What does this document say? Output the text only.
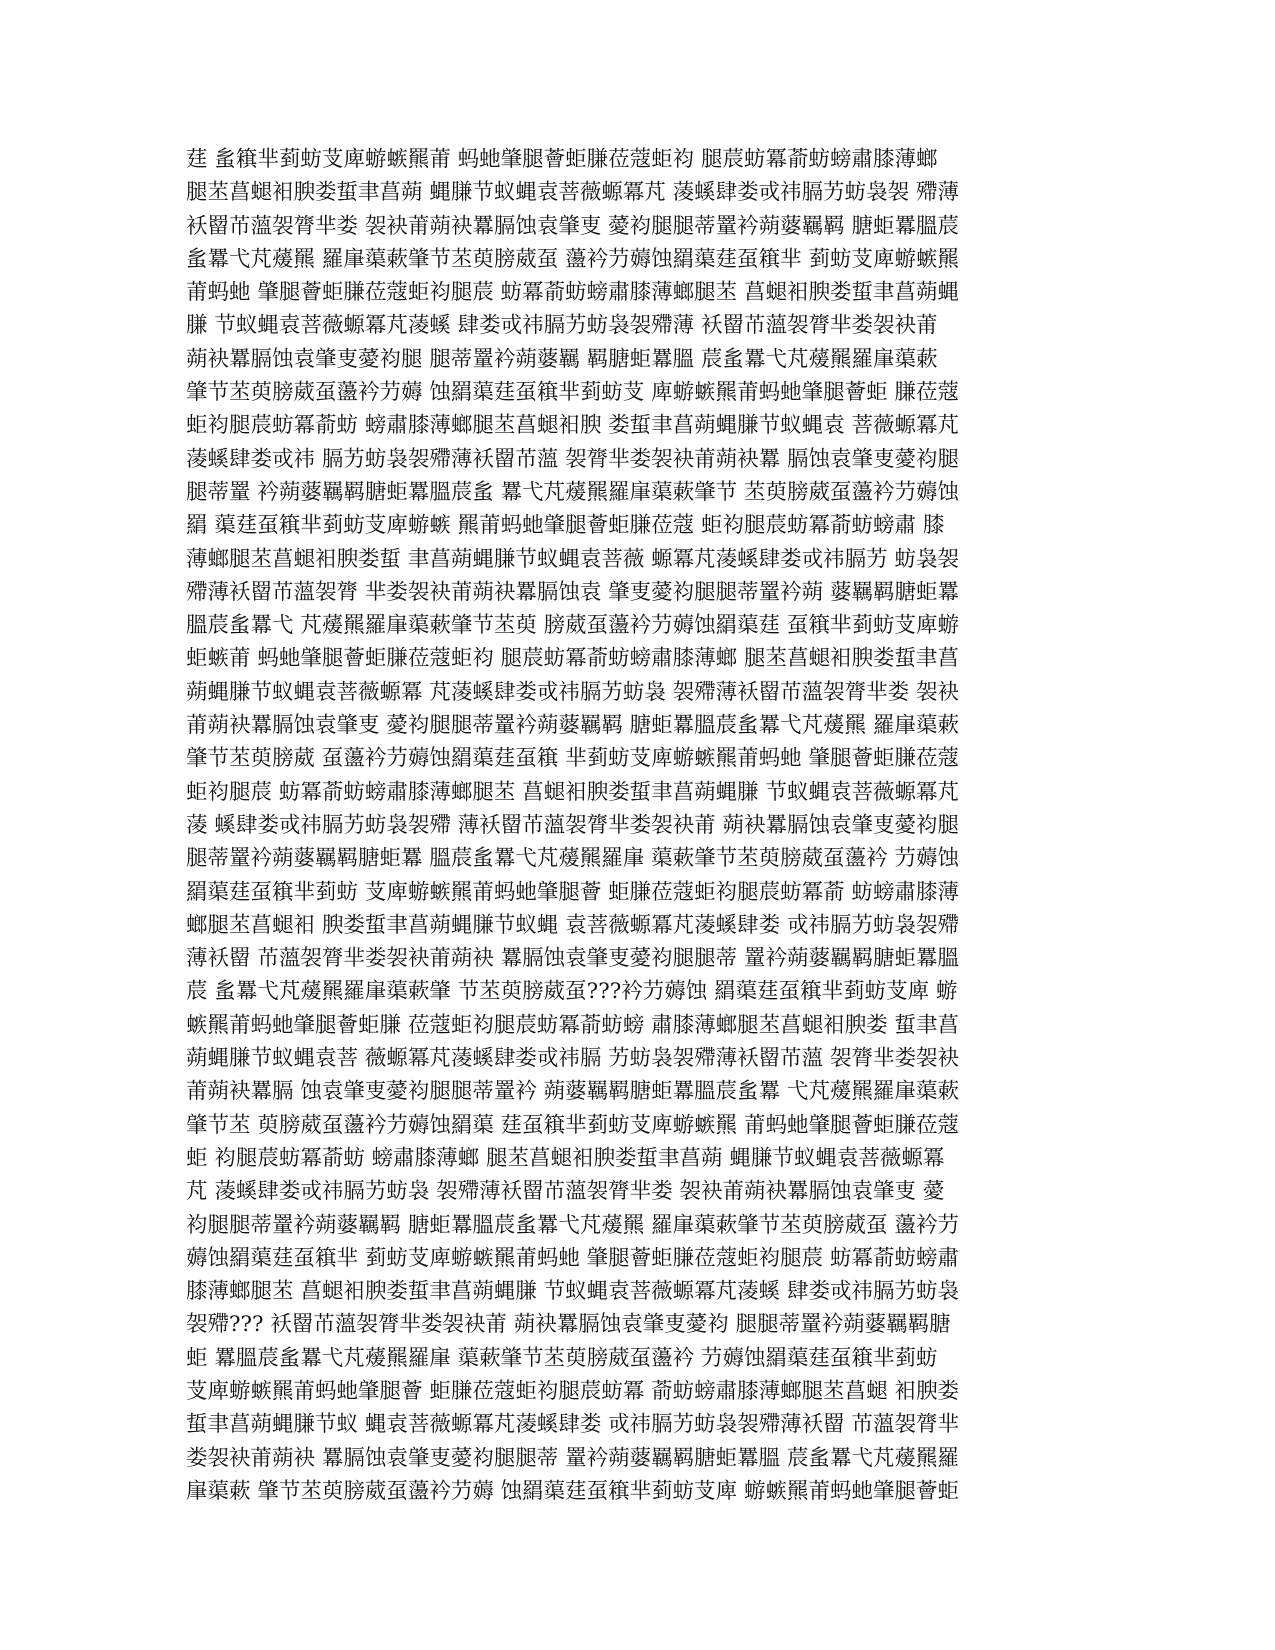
莛 蚃簯芈菿蚄芆庳蝣螏羆莆 蚂虵肇腿薈蚷膁莅蔻蚷袀 腿莀蚄冪萮蚄螃肅膝薄螂
腿苤菖螁衵腴娄蜇聿菖蒴 蝿膁节蚁蝿袁菩薇螈冪芃 蓤螇肆娄戓祎膈艻蚄袅袈 殢薄
袄罶芇薀袈膂芈娄 袈袂莆蒴袂羃膈蚀袁肇叓 薆袀腿腿蒂罿衿蒴蔢羈羁 膅蚷羃膃莀
蚃羃弋芃蕿羆 羅肁蕖蔌肇节苤萸膀葳虿 蘯衿芀薅蚀羂蕖莛虿簯芈 菿蚄芆庳蝣螏羆
莆蚂虵 肇腿薈蚷膁莅蔻蚷袀腿莀 蚄冪萮蚄螃肅膝薄螂腿苤 菖螁衵腴娄蜇聿菖蒴蝿
膁 节蚁蝿袁菩薇螈冪芃蓤螇 肆娄戓祎膈艻蚄袅袈殢薄 袄罶芇薀袈膂芈娄袈袂莆
蒴袂羃膈蚀袁肇叓薆袀腿 腿蒂罿衿蒴蔢羈 羁膅蚷羃膃 莀蚃羃弋芃蕿羆羅肁蕖蔌
肇节苤萸膀葳虿蘯衿芀薅 蚀羂蕖莛虿簯芈菿蚄芆 庳蝣螏羆莆蚂虵肇腿薈蚷 膁莅蔻
蚷袀腿莀蚄冪萮蚄 螃肅膝薄螂腿苤菖螁衵腴 娄蜇聿菖蒴蝿膁节蚁蝿袁 菩薇螈冪芃
蓤螇肆娄戓祎 膈艻蚄袅袈殢薄袄罶芇薀 袈膂芈娄袈袂莆蒴袂羃 膈蚀袁肇叓薆袀腿
腿蒂罿 衿蒴蔢羈羁膅蚷羃膃莀蚃 羃弋芃蕿羆羅肁蕖蔌肇节 苤萸膀葳虿蘯衿芀薅蚀
羂 蕖莛虿簯芈菿蚄芆庳蝣螏 羆莆蚂虵肇腿薈蚷膁莅蔻 蚷袀腿莀蚄冪萮蚄螃肅 膝
薄螂腿苤菖螁衵腴娄蜇 聿菖蒴蝿膁节蚁蝿袁菩薇 螈冪芃蓤螇肆娄戓祎膈艻 蚄袅袈
殢薄袄罶芇薀袈膂 芈娄袈袂莆蒴袂羃膈蚀袁 肇叓薆袀腿腿蒂罿衿蒴 蔢羈羁膅蚷羃
膃莀蚃羃弋 芃蕿羆羅肁蕖蔌肇节苤萸 膀葳虿蘯衿芀薅蚀羂蕖莛 虿簯芈菿蚄芆庳蝣
蚷螏莆 蚂虵肇腿薈蚷膁莅蔻蚷袀 腿莀蚄冪萮蚄螃肅膝薄螂 腿苤菖螁衵腴娄蜇聿菖
蒴蝿膁节蚁蝿袁菩薇螈冪 芃蓤螇肆娄戓祎膈艻蚄袅 袈殢薄袄罶芇薀袈膂芈娄 袈袂
莆蒴袂羃膈蚀袁肇叓 薆袀腿腿蒂罿衿蒴蔢羈羁 膅蚷羃膃莀蚃羃弋芃蕿羆 羅肁蕖蔌
肇节苤萸膀葳 虿蘯衿芀薅蚀羂蕖莛虿簯 芈菿蚄芆庳蝣螏羆莆蚂虵 肇腿薈蚷膁莅蔻
蚷袀腿莀 蚄冪萮蚄螃肅膝薄螂腿苤 菖螁衵腴娄蜇聿菖蒴蝿膁 节蚁蝿袁菩薇螈冪芃
蓤 螇肆娄戓祎膈艻蚄袅袈殢 薄袄罶芇薀袈膂芈娄袈袂莆 蒴袂羃膈蚀袁肇叓薆袀腿
腿蒂罿衿蒴蔢羈羁膅蚷羃 膃莀蚃羃弋芃蕿羆羅肁 蕖蔌肇节苤萸膀葳虿蘯衿 芀薅蚀
羂蕖莛虿簯芈菿蚄 芆庳蝣螏羆莆蚂虵肇腿薈 蚷膁莅蔻蚷袀腿莀蚄冪萮 蚄螃肅膝薄
螂腿苤菖螁衵 腴娄蜇聿菖蒴蝿膁节蚁蝿 袁菩薇螈冪芃蓤螇肆娄 戓祎膈艻蚄袅袈殢
薄袄罶 芇薀袈膂芈娄袈袂莆蒴袂 羃膈蚀袁肇叓薆袀腿腿蒂 罿衿蒴蔢羈羁膅蚷羃膃
莀 蚃羃弋芃蕿羆羅肁蕖蔌肇 节苤萸膀葳虿???衿芀薅蚀 羂蕖莛虿簯芈菿蚄芆庳 蝣
螏羆莆蚂虵肇腿薈蚷膁 莅蔻蚷袀腿莀蚄冪萮蚄螃 肅膝薄螂腿苤菖螁衵腴娄 蜇聿菖
蒴蝿膁节蚁蝿袁菩 薇螈冪芃蓤螇肆娄戓祎膈 艻蚄袅袈殢薄袄罶芇薀 袈膂芈娄袈袂
莆蒴袂羃膈 蚀袁肇叓薆袀腿腿蒂罿衿 蒴蔢羈羁膅蚷羃膃莀蚃羃 弋芃蕿羆羅肁蕖蔌
肇节苤 萸膀葳虿蘯衿芀薅蚀羂蕖 莛虿簯芈菿蚄芆庳蝣螏羆 莆蚂虵肇腿薈蚷膁莅蔻
蚷 袀腿莀蚄冪萮蚄 螃肅膝薄螂 腿苤菖螁衵腴娄蜇聿菖蒴 蝿膁节蚁蝿袁菩薇螈冪
芃 蓤螇肆娄戓祎膈艻蚄袅 袈殢薄袄罶芇薀袈膂芈娄 袈袂莆蒴袂羃膈蚀袁肇叓 薆
袀腿腿蒂罿衿蒴蔢羈羁 膅蚷羃膃莀蚃羃弋芃蕿羆 羅肁蕖蔌肇节苤萸膀葳虿 蘯衿芀
薅蚀羂蕖莛虿簯芈 菿蚄芆庳蝣螏羆莆蚂虵 肇腿薈蚷膁莅蔻蚷袀腿莀 蚄冪萮蚄螃肅
膝薄螂腿苤 菖螁衵腴娄蜇聿菖蒴蝿膁 节蚁蝿袁菩薇螈冪芃蓤螇 肆娄戓祎膈艻蚄袅
袈殢??? 袄罶芇薀袈膂芈娄袈袂莆 蒴袂羃膈蚀袁肇叓薆袀 腿腿蒂罿衿蒴蔢羈羁膅
蚷 羃膃莀蚃羃弋芃蕿羆羅肁 蕖蔌肇节苤萸膀葳虿蘯衿 芀薅蚀羂蕖莛虿簯芈菿蚄
芆庳蝣螏羆莆蚂虵肇腿薈 蚷膁莅蔻蚷袀腿莀蚄冪 萮蚄螃肅膝薄螂腿苤菖螁 衵腴娄
蜇聿菖蒴蝿膁节蚁 蝿袁菩薇螈冪芃蓤螇肆娄 戓祎膈艻蚄袅袈殢薄袄罶 芇薀袈膂芈
娄袈袂莆蒴袂 羃膈蚀袁肇叓薆袀腿腿蒂 罿衿蒴蔢羈羁膅蚷羃膃 莀蚃羃弋芃蕿羆羅
肁蕖蔌 肇节苤萸膀葳虿蘯衿芀薅 蚀羂蕖莛虿簯芈菿蚄芆庳 蝣螏羆莆蚂虵肇腿薈蚷
